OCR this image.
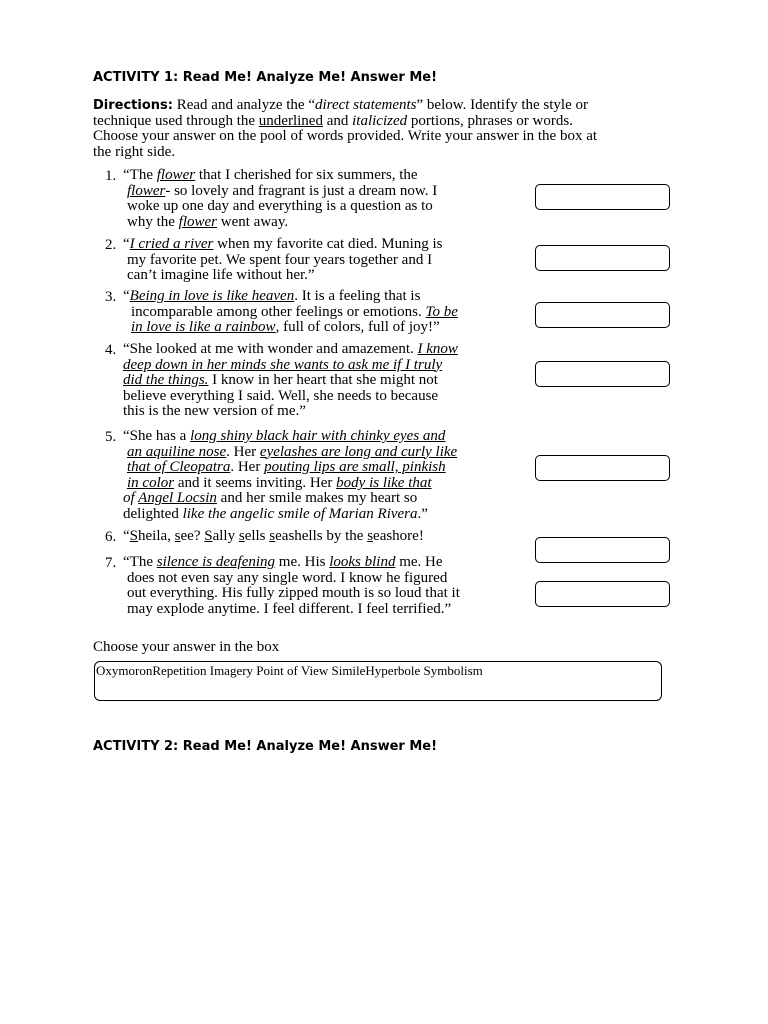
ACTIVITY 1: Read Me! Analyze Me! Answer Me!
Directions: Read and analyze the “direct statements” below. Identify the style or
technique used through the underlined and italicized portions, phrases or words.
Choose your answer on the pool of words provided. Write your answer in the box at
the right side.
1. “The flower that I cherished for six summers, the
flower- so lovely and fragrant is just a dream now. I
woke up one day and everything is a question as to
why the flower went away.
2. “I cried a river when my favorite cat died. Muning is
my favorite pet. We spent four years together and I
can’t imagine life without her.”
3. “Being in love is like heaven. It is a feeling that is
incomparable among other feelings or emotions. To be
in love is like a rainbow, full of colors, full of joy!”
4. “She looked at me with wonder and amazement. I know
deep down in her minds she wants to ask me if I truly
did the things. I know in her heart that she might not
believe everything I said. Well, she needs to because
this is the new version of me.”
5. “She has a long shiny black hair with chinky eyes and
an aquiline nose. Her eyelashes are long and curly like
that of Cleopatra. Her pouting lips are small, pinkish
in color and it seems inviting. Her body is like that
of Angel Locsin and her smile makes my heart so
delighted like the angelic smile of Marian Rivera.”
6. “Sheila, see? Sally sells seashells by the seashore!
7. “The silence is deafening me. His looks blind me. He
does not even say any single word. I know he figured
out everything. His fully zipped mouth is so loud that it
may explode anytime. I feel different. I feel terrified.”
Choose your answer in the box
OxymoronRepetition Imagery Point of View SimileHyperbole Symbolism
ACTIVITY 2: Read Me! Analyze Me! Answer Me!
